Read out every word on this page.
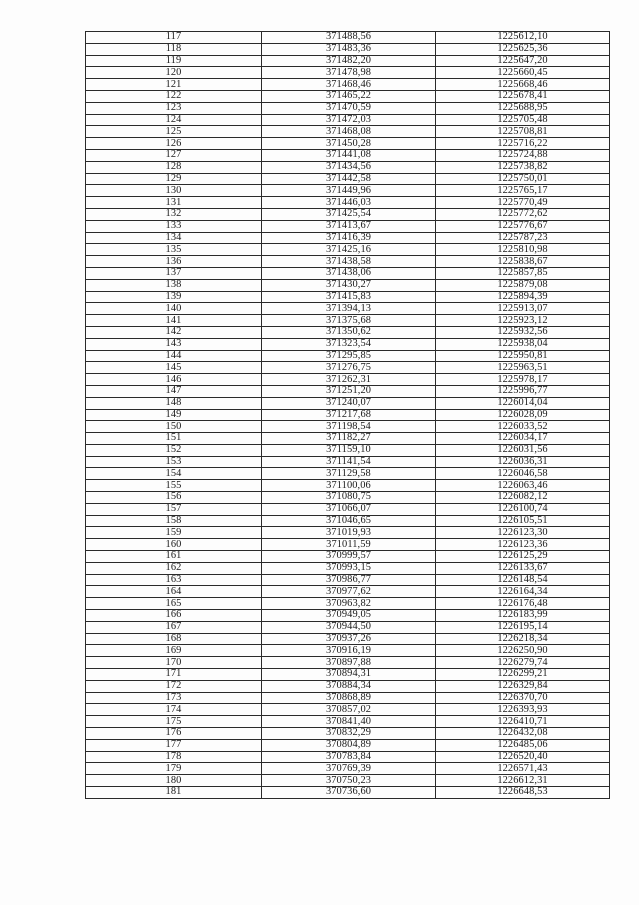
117	371488,56	1225612,10
118	371483,36	1225625,36
119	371482,20	1225647,20
120	371478,98	1225660,45
121	371468,46	1225668,46
122	371465,22	1225678,41
123	371470,59	1225688,95
124	371472,03	1225705,48
125	371468,08	1225708,81
126	371450,28	1225716,22
127	371441,08	1225724,88
128	371434,56	1225738,82
129	371442,58	1225750,01
130	371449,96	1225765,17
131	371446,03	1225770,49
132	371425,54	1225772,62
133	371413,67	1225776,67
134	371416,39	1225787,23
135	371425,16	1225810,98
136	371438,58	1225838,67
137	371438,06	1225857,85
138	371430,27	1225879,08
139	371415,83	1225894,39
140	371394,13	1225913,07
141	371375,68	1225923,12
142	371350,62	1225932,56
143	371323,54	1225938,04
144	371295,85	1225950,81
145	371276,75	1225963,51
146	371262,31	1225978,17
147	371251,20	1225996,77
148	371240,07	1226014,04
149	371217,68	1226028,09
150	371198,54	1226033,52
151	371182,27	1226034,17
152	371159,10	1226031,56
153	371141,54	1226036,31
154	371129,58	1226046,58
155	371100,06	1226063,46
156	371080,75	1226082,12
157	371066,07	1226100,74
158	371046,65	1226105,51
159	371019,93	1226123,30
160	371011,59	1226123,36
161	370999,57	1226125,29
162	370993,15	1226133,67
163	370986,77	1226148,54
164	370977,62	1226164,34
165	370963,82	1226176,48
166	370949,05	1226183,99
167	370944,50	1226195,14
168	370937,26	1226218,34
169	370916,19	1226250,90
170	370897,88	1226279,74
171	370894,31	1226299,21
172	370884,34	1226329,84
173	370868,89	1226370,70
174	370857,02	1226393,93
175	370841,40	1226410,71
176	370832,29	1226432,08
177	370804,89	1226485,06
178	370783,84	1226520,40
179	370769,39	1226571,43
180	370750,23	1226612,31
181	370736,60	1226648,53
